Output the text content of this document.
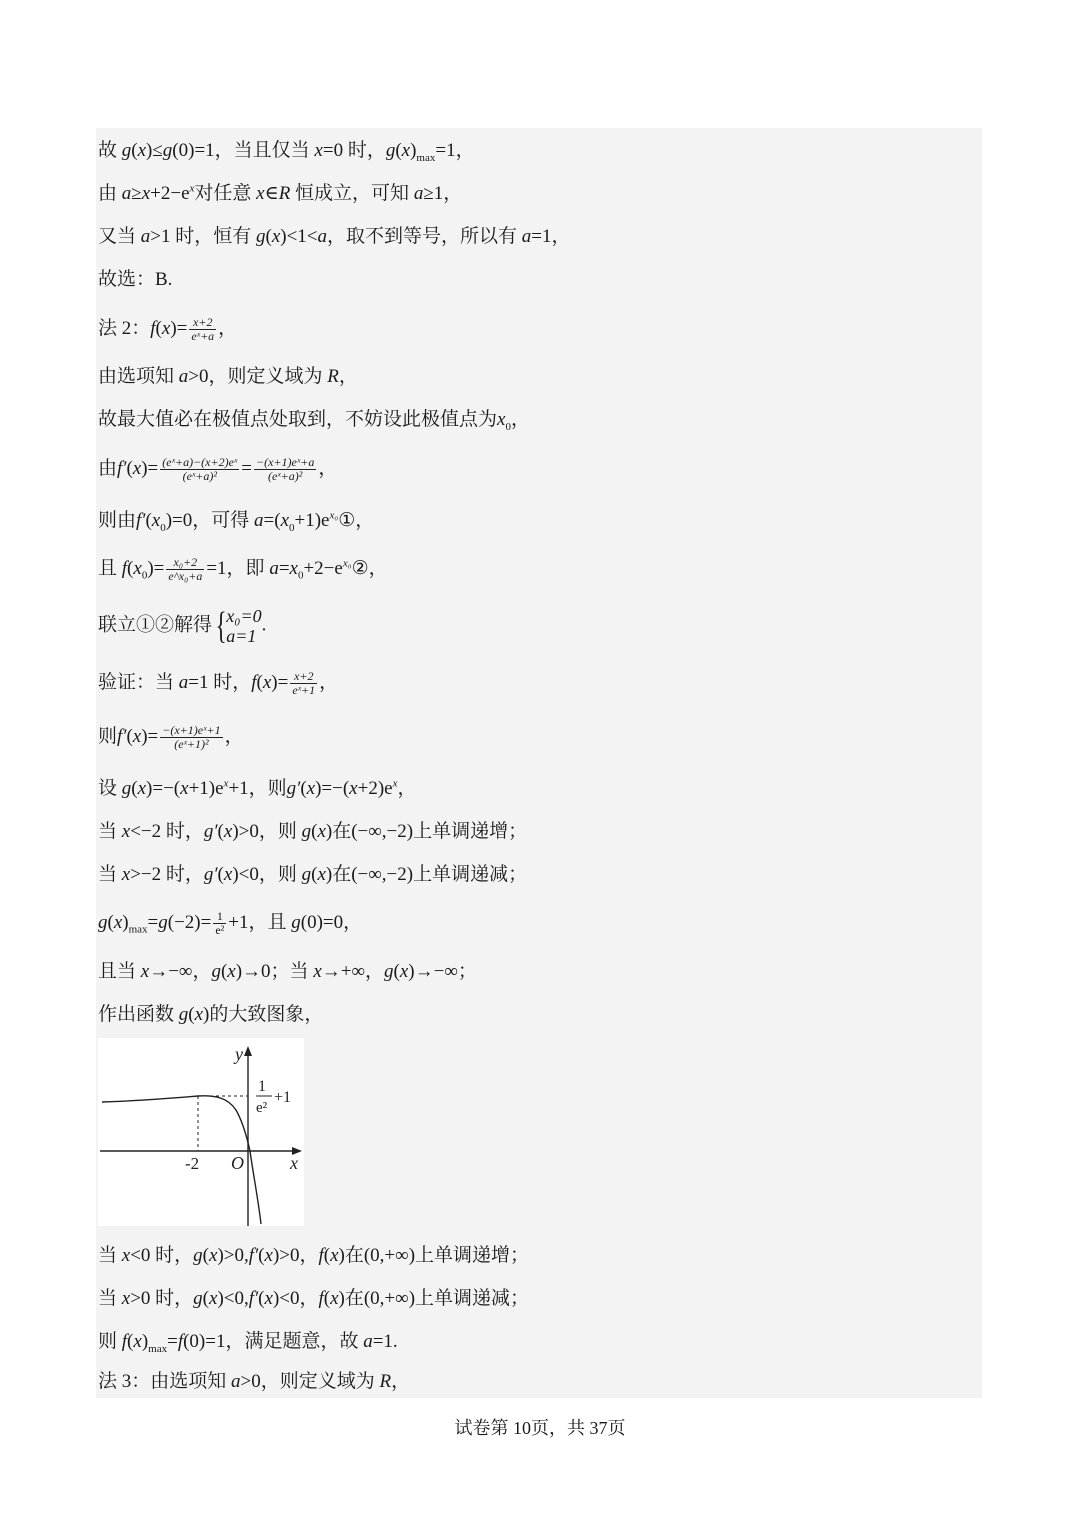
故 g(x)≤g(0)=1，当且仅当 x=0 时，$g(x)_{max}=1$，
由 $a\ge x+2-e^x$对任意 x∈R 恒成立，可知 a≥1，
又当 a>1 时，恒有 g(x)<1<a，取不到等号，所以有 a=1，
故选：B.
法 2：$f(x)= \frac{x+2}{\text{eˣ+a}}$ ，
由选项知 a>0，则定义域为 R，
故最大值必在极值点处取到，不妨设此极值点为$x_0$，
由$f'(x)= \frac{\text{(eˣ+a)−(x+2)eˣ}}{\text{(eˣ+a)²}} = \frac{\text{−(x+1)eˣ+a}}{\text{(eˣ+a)²}}$ ，
则由$f'(x_0)=0$，可得 $a=(x_0+1)e^{x_0}①$，
且 $f(x_0)= \frac{\text{x₀+2}}{\text{e\textasciicircum{}x₀+a}} =1$，即 $a=x_0+2-e^{x_0}②$，
联立①②解得{ x₀=0
a=1
.
验证：当 a=1 时，$f(x)= \frac{x+2}{\text{eˣ+1}}$ ，
则$f'(x)= \frac{\text{−(x+1)eˣ+1}}{\text{(eˣ+1)²}}$ ，
设 $g(x)=-(x+1)e^x+1$，则$g'(x)=-(x+2)e^x$，
当 x<−2 时，g′(x)>0，则 g(x)在(−∞,−2)上单调递增；
当 x>−2 时，g′(x)<0，则 g(x)在(−∞,−2)上单调递减；
$g(x)_{max}=g(-2)= \frac{1}{\text{e²}} +1$，且 g(0)=0，
且当 x→−∞，g(x)→0；当 x→+∞，g(x)→−∞；
作出函数 g(x)的大致图象，
y
x
O
-2
1
e²
+1
当 x<0 时，g(x)>0,f′(x)>0，f(x)在(0,+∞)上单调递增；
当 x>0 时，g(x)<0,f′(x)<0，f(x)在(0,+∞)上单调递减；
则 $f(x)_{max}=f(0)=1$，满足题意，故 a=1.
法 3：由选项知 a>0，则定义域为 R，
试卷第 10页，共 37页
